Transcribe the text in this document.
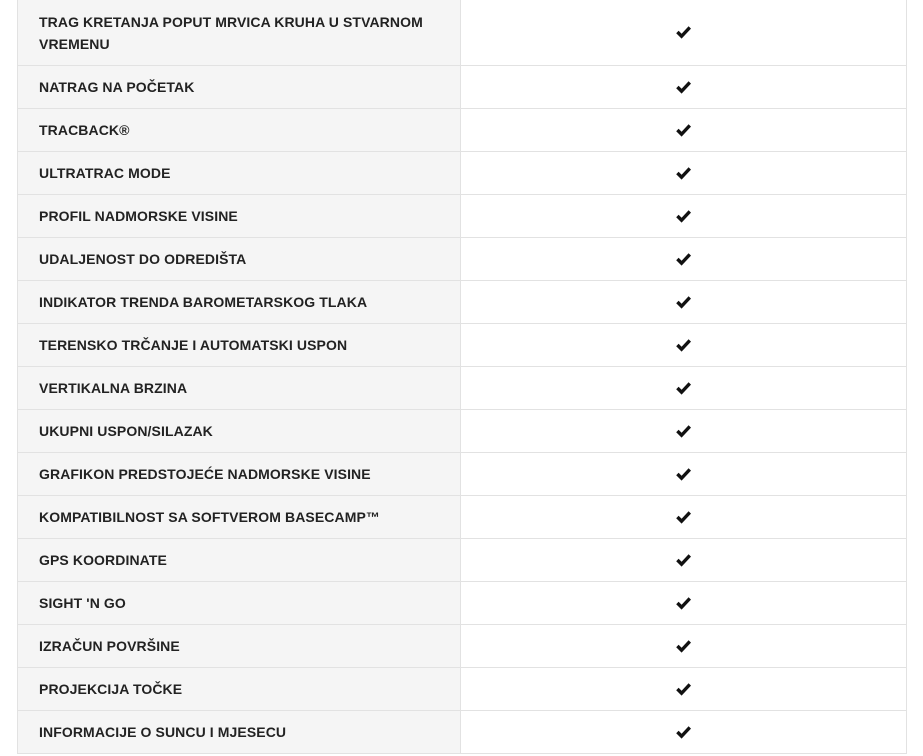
TRAG KRETANJA POPUT MRVICA KRUHA U STVARNOM VREMENU
NATRAG NA POČETAK
TRACBACK®
ULTRATRAC MODE
PROFIL NADMORSKE VISINE
UDALJENOST DO ODREDIŠTA
INDIKATOR TRENDA BAROMETARSKOG TLAKA
TERENSKO TRČANJE I AUTOMATSKI USPON
VERTIKALNA BRZINA
UKUPNI USPON/SILAZAK
GRAFIKON PREDSTOJEĆE NADMORSKE VISINE
KOMPATIBILNOST SA SOFTVEROM BASECAMP™
GPS KOORDINATE
SIGHT 'N GO
IZRAČUN POVRŠINE
PROJEKCIJA TOČKE
INFORMACIJE O SUNCU I MJESECU
